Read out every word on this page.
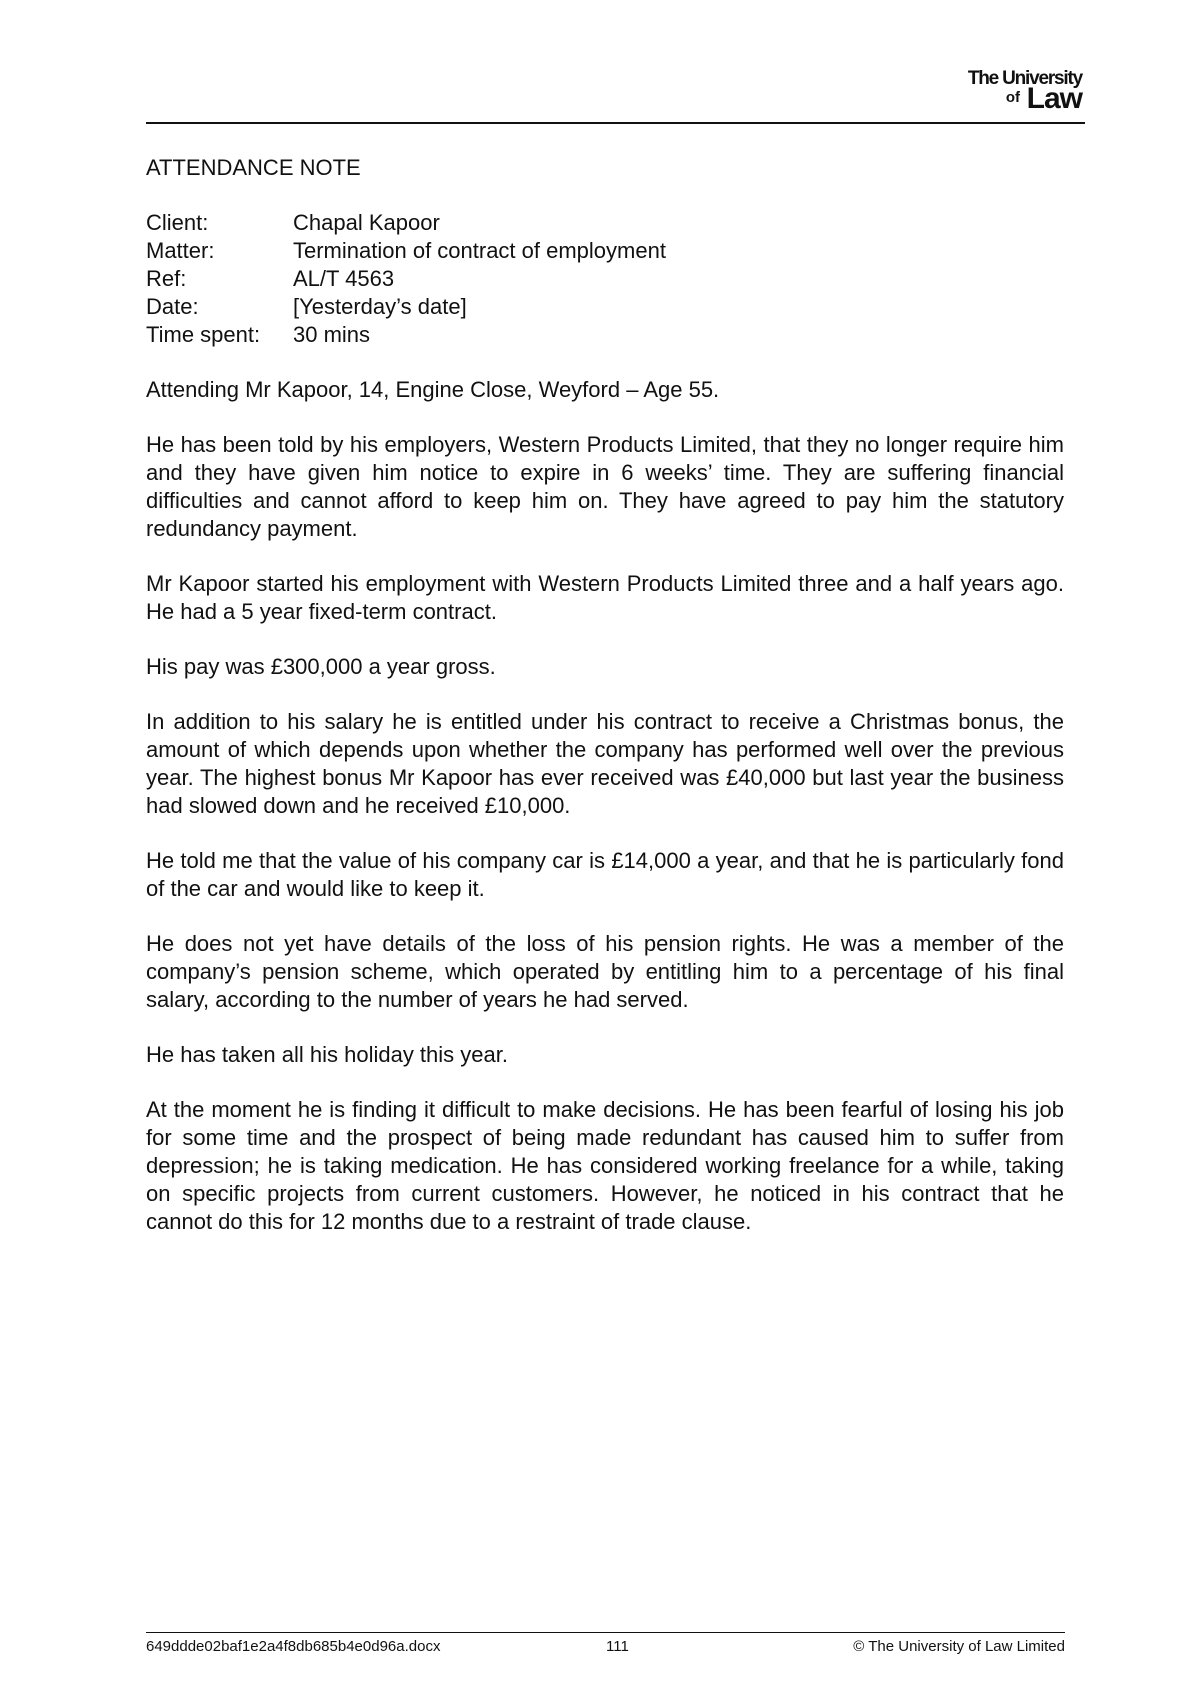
The University
Law
of
ATTENDANCE NOTE
Client:	Chapal Kapoor
Matter:	Termination of contract of employment
Ref:	AL/T 4563
Date:	[Yesterday’s date]
Time spent:	30 mins

Attending Mr Kapoor, 14, Engine Close, Weyford – Age 55.

He has been told by his employers, Western Products Limited, that they no longer require him and they have given him notice to expire in 6 weeks’ time. They are suffering financial difficulties and cannot afford to keep him on. They have agreed to pay him the statutory redundancy payment.

Mr Kapoor started his employment with Western Products Limited three and a half years ago. He had a 5 year fixed-term contract.

His pay was £300,000 a year gross.

In addition to his salary he is entitled under his contract to receive a Christmas bonus, the amount of which depends upon whether the company has performed well over the previous year. The highest bonus Mr Kapoor has ever received was £40,000 but last year the business had slowed down and he received £10,000.

He told me that the value of his company car is £14,000 a year, and that he is particularly fond of the car and would like to keep it.

He does not yet have details of the loss of his pension rights. He was a member of the company’s pension scheme, which operated by entitling him to a percentage of his final salary, according to the number of years he had served.

He has taken all his holiday this year.

At the moment he is finding it difficult to make decisions. He has been fearful of losing his job for some time and the prospect of being made redundant has caused him to suffer from depression; he is taking medication. He has considered working freelance for a while, taking on specific projects from current customers. However, he noticed in his contract that he cannot do this for 12 months due to a restraint of trade clause.

649ddde02baf1e2a4f8db685b4e0d96a.docx	111	© The University of Law Limited
